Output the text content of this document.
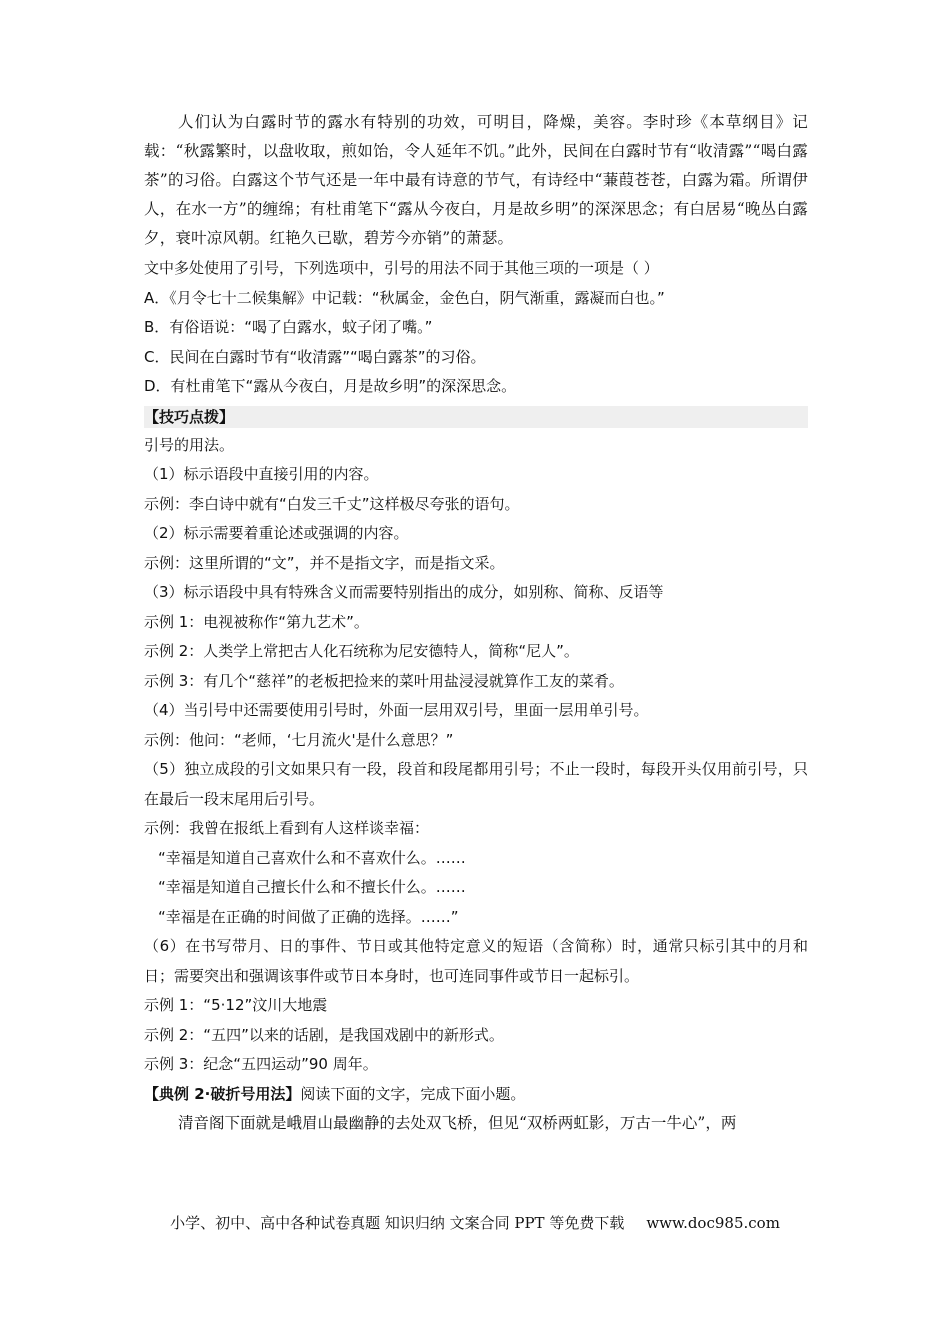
人们认为白露时节的露水有特别的功效，可明目，降燥，美容。李时珍《本草纲目》记载：“秋露繁时，以盘收取，煎如饴，令人延年不饥。”此外，民间在白露时节有“收清露”“喝白露茶”的习俗。白露这个节气还是一年中最有诗意的节气，有诗经中“蒹葭苍苍，白露为霜。所谓伊人，在水一方”的缠绵；有杜甫笔下“露从今夜白，月是故乡明”的深深思念；有白居易“晚丛白露夕，衰叶凉风朝。红艳久已歇，碧芳今亦销”的萧瑟。

文中多处使用了引号，下列选项中，引号的用法不同于其他三项的一项是（ ）
A．《月令七十二候集解》中记载：“秋属金，金色白，阴气渐重，露凝而白也。”
B．有俗语说：“喝了白露水，蚊子闭了嘴。”
C．民间在白露时节有“收清露”“喝白露茶”的习俗。
D．有杜甫笔下“露从今夜白，月是故乡明”的深深思念。
【技巧点拨】
引号的用法。
（1）标示语段中直接引用的内容。
示例：李白诗中就有“白发三千丈”这样极尽夸张的语句。
（2）标示需要着重论述或强调的内容。
示例：这里所谓的“文”，并不是指文字，而是指文采。
（3）标示语段中具有特殊含义而需要特别指出的成分，如别称、简称、反语等
示例 1：电视被称作“第九艺术”。
示例 2：人类学上常把古人化石统称为尼安德特人，简称“尼人”。
示例 3：有几个“慈祥”的老板把捡来的菜叶用盐浸浸就算作工友的菜肴。
（4）当引号中还需要使用引号时，外面一层用双引号，里面一层用单引号。
示例：他问：“老师，‘七月流火'是什么意思？”
（5）独立成段的引文如果只有一段，段首和段尾都用引号；不止一段时，每段开头仅用前引号，只在最后一段末尾用后引号。
示例：我曾在报纸上看到有人这样谈幸福：
“幸福是知道自己喜欢什么和不喜欢什么。……
“幸福是知道自己擅长什么和不擅长什么。……
“幸福是在正确的时间做了正确的选择。……”
（6）在书写带月、日的事件、节日或其他特定意义的短语（含简称）时，通常只标引其中的月和日；需要突出和强调该事件或节日本身时，也可连同事件或节日一起标引。
示例 1：“5·12”汶川大地震
示例 2：“五四”以来的话剧，是我国戏剧中的新形式。
示例 3：纪念“五四运动”90 周年。
【典例 2·破折号用法】阅读下面的文字，完成下面小题。
清音阁下面就是峨眉山最幽静的去处双飞桥，但见“双桥两虹影，万古一牛心”，两
小学、初中、高中各种试卷真题 知识归纳 文案合同 PPT 等免费下载 www.doc985.com
